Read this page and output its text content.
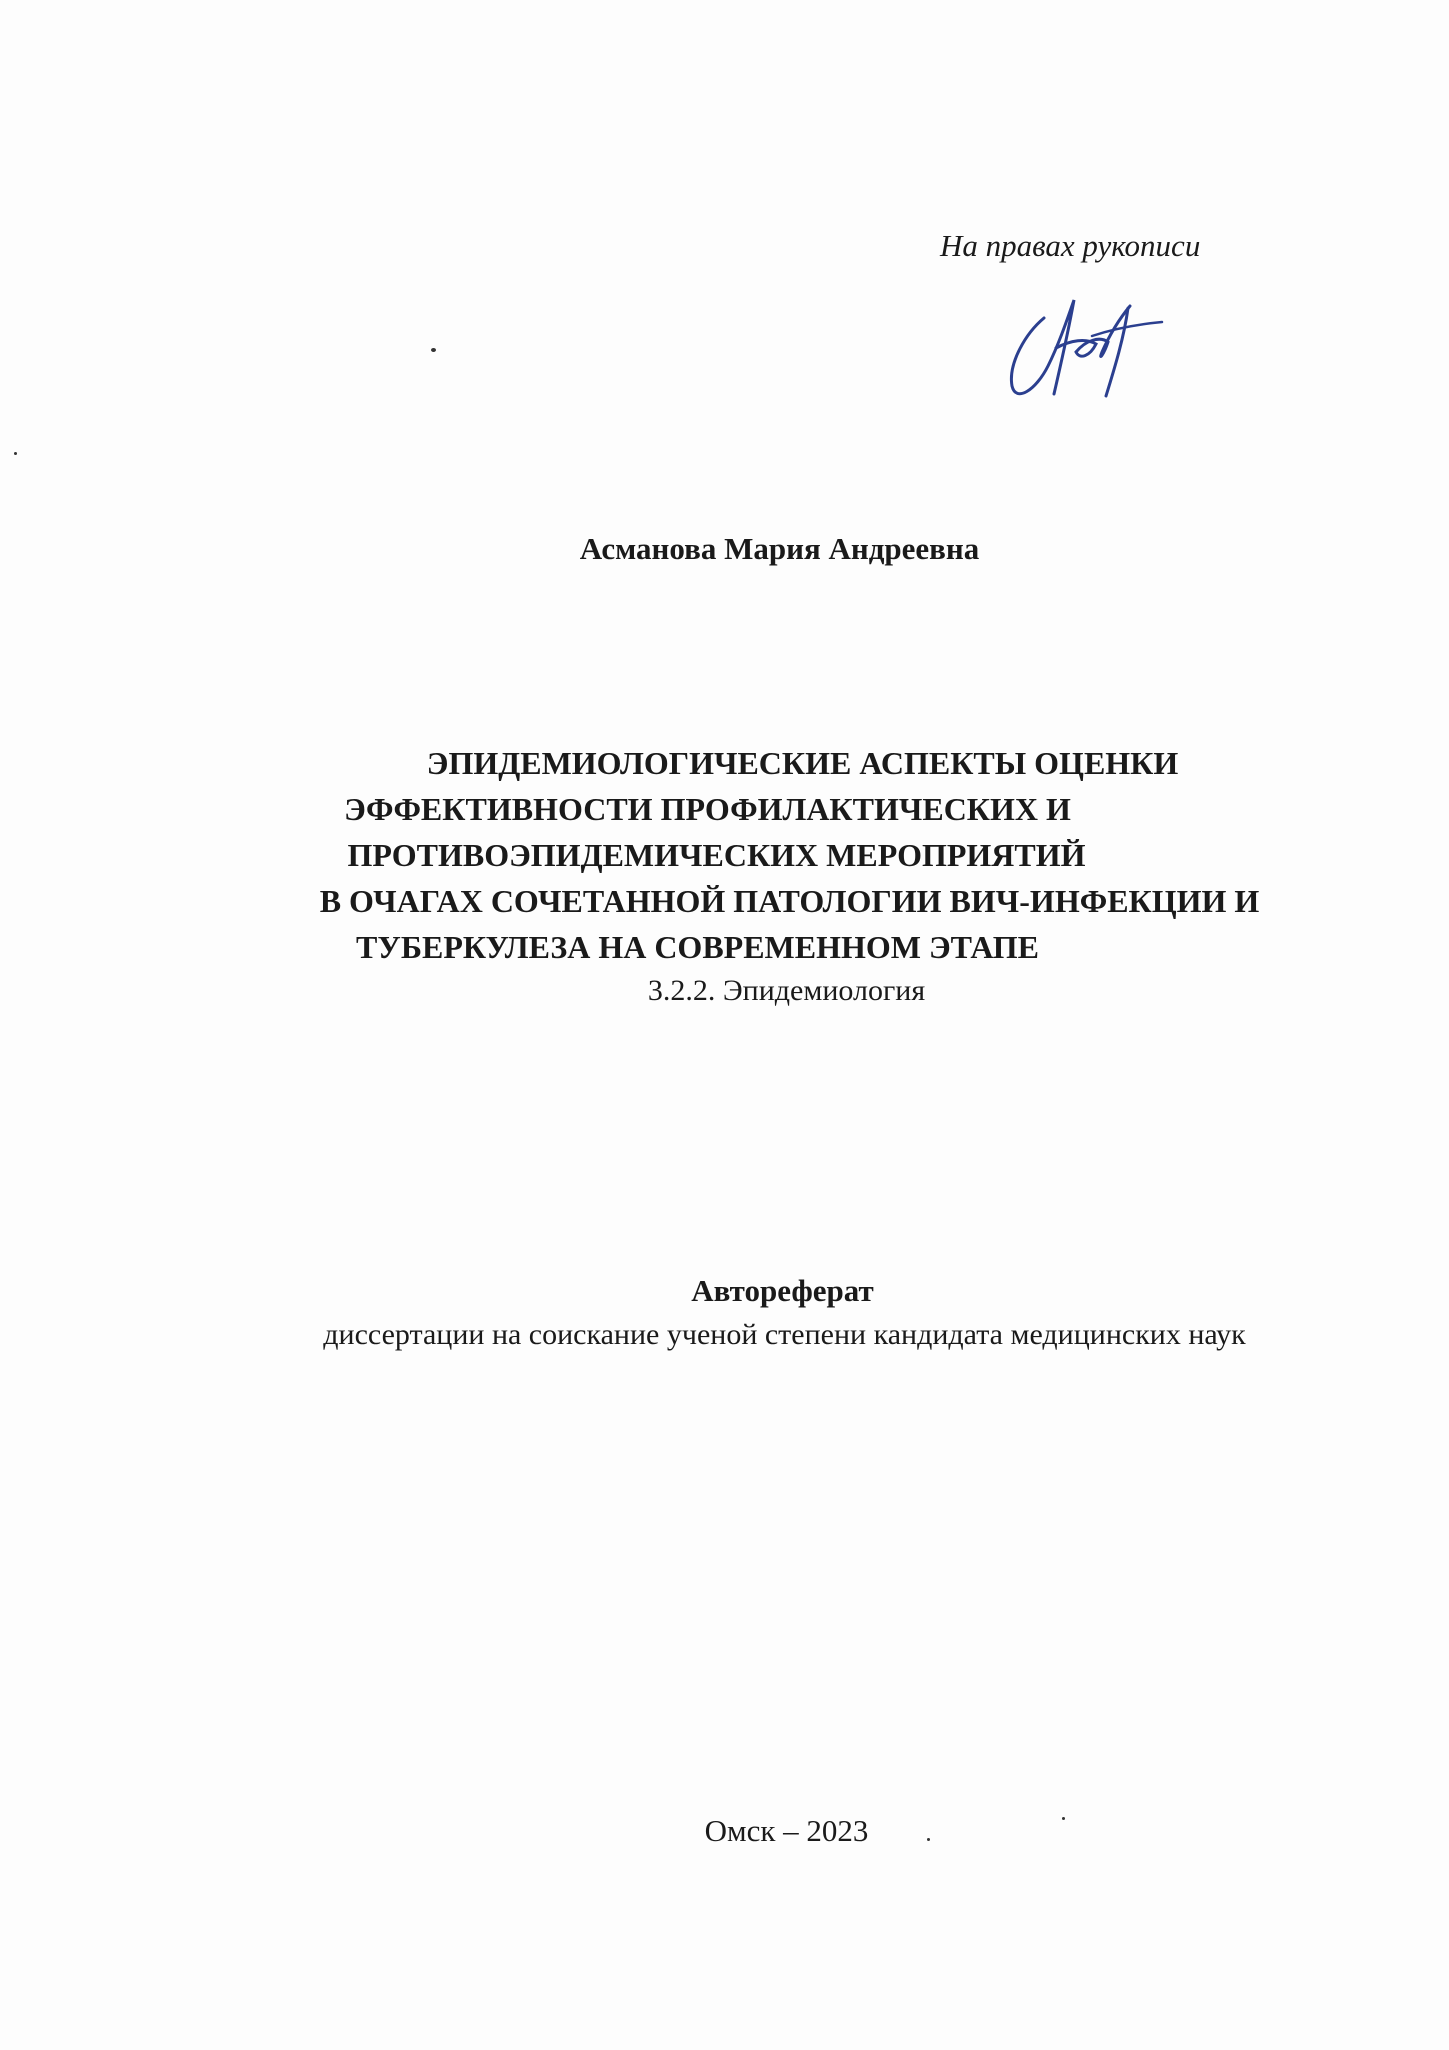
На правах рукописи
Асманова Мария Андреевна
ЭПИДЕМИОЛОГИЧЕСКИЕ АСПЕКТЫ ОЦЕНКИ
ЭФФЕКТИВНОСТИ ПРОФИЛАКТИЧЕСКИХ И
ПРОТИВОЭПИДЕМИЧЕСКИХ МЕРОПРИЯТИЙ
В ОЧАГАХ СОЧЕТАННОЙ ПАТОЛОГИИ ВИЧ-ИНФЕКЦИИ И
ТУБЕРКУЛЕЗА НА СОВРЕМЕННОМ ЭТАПЕ
3.2.2. Эпидемиология
Автореферат
диссертации на соискание ученой степени кандидата медицинских наук
Омск – 2023
